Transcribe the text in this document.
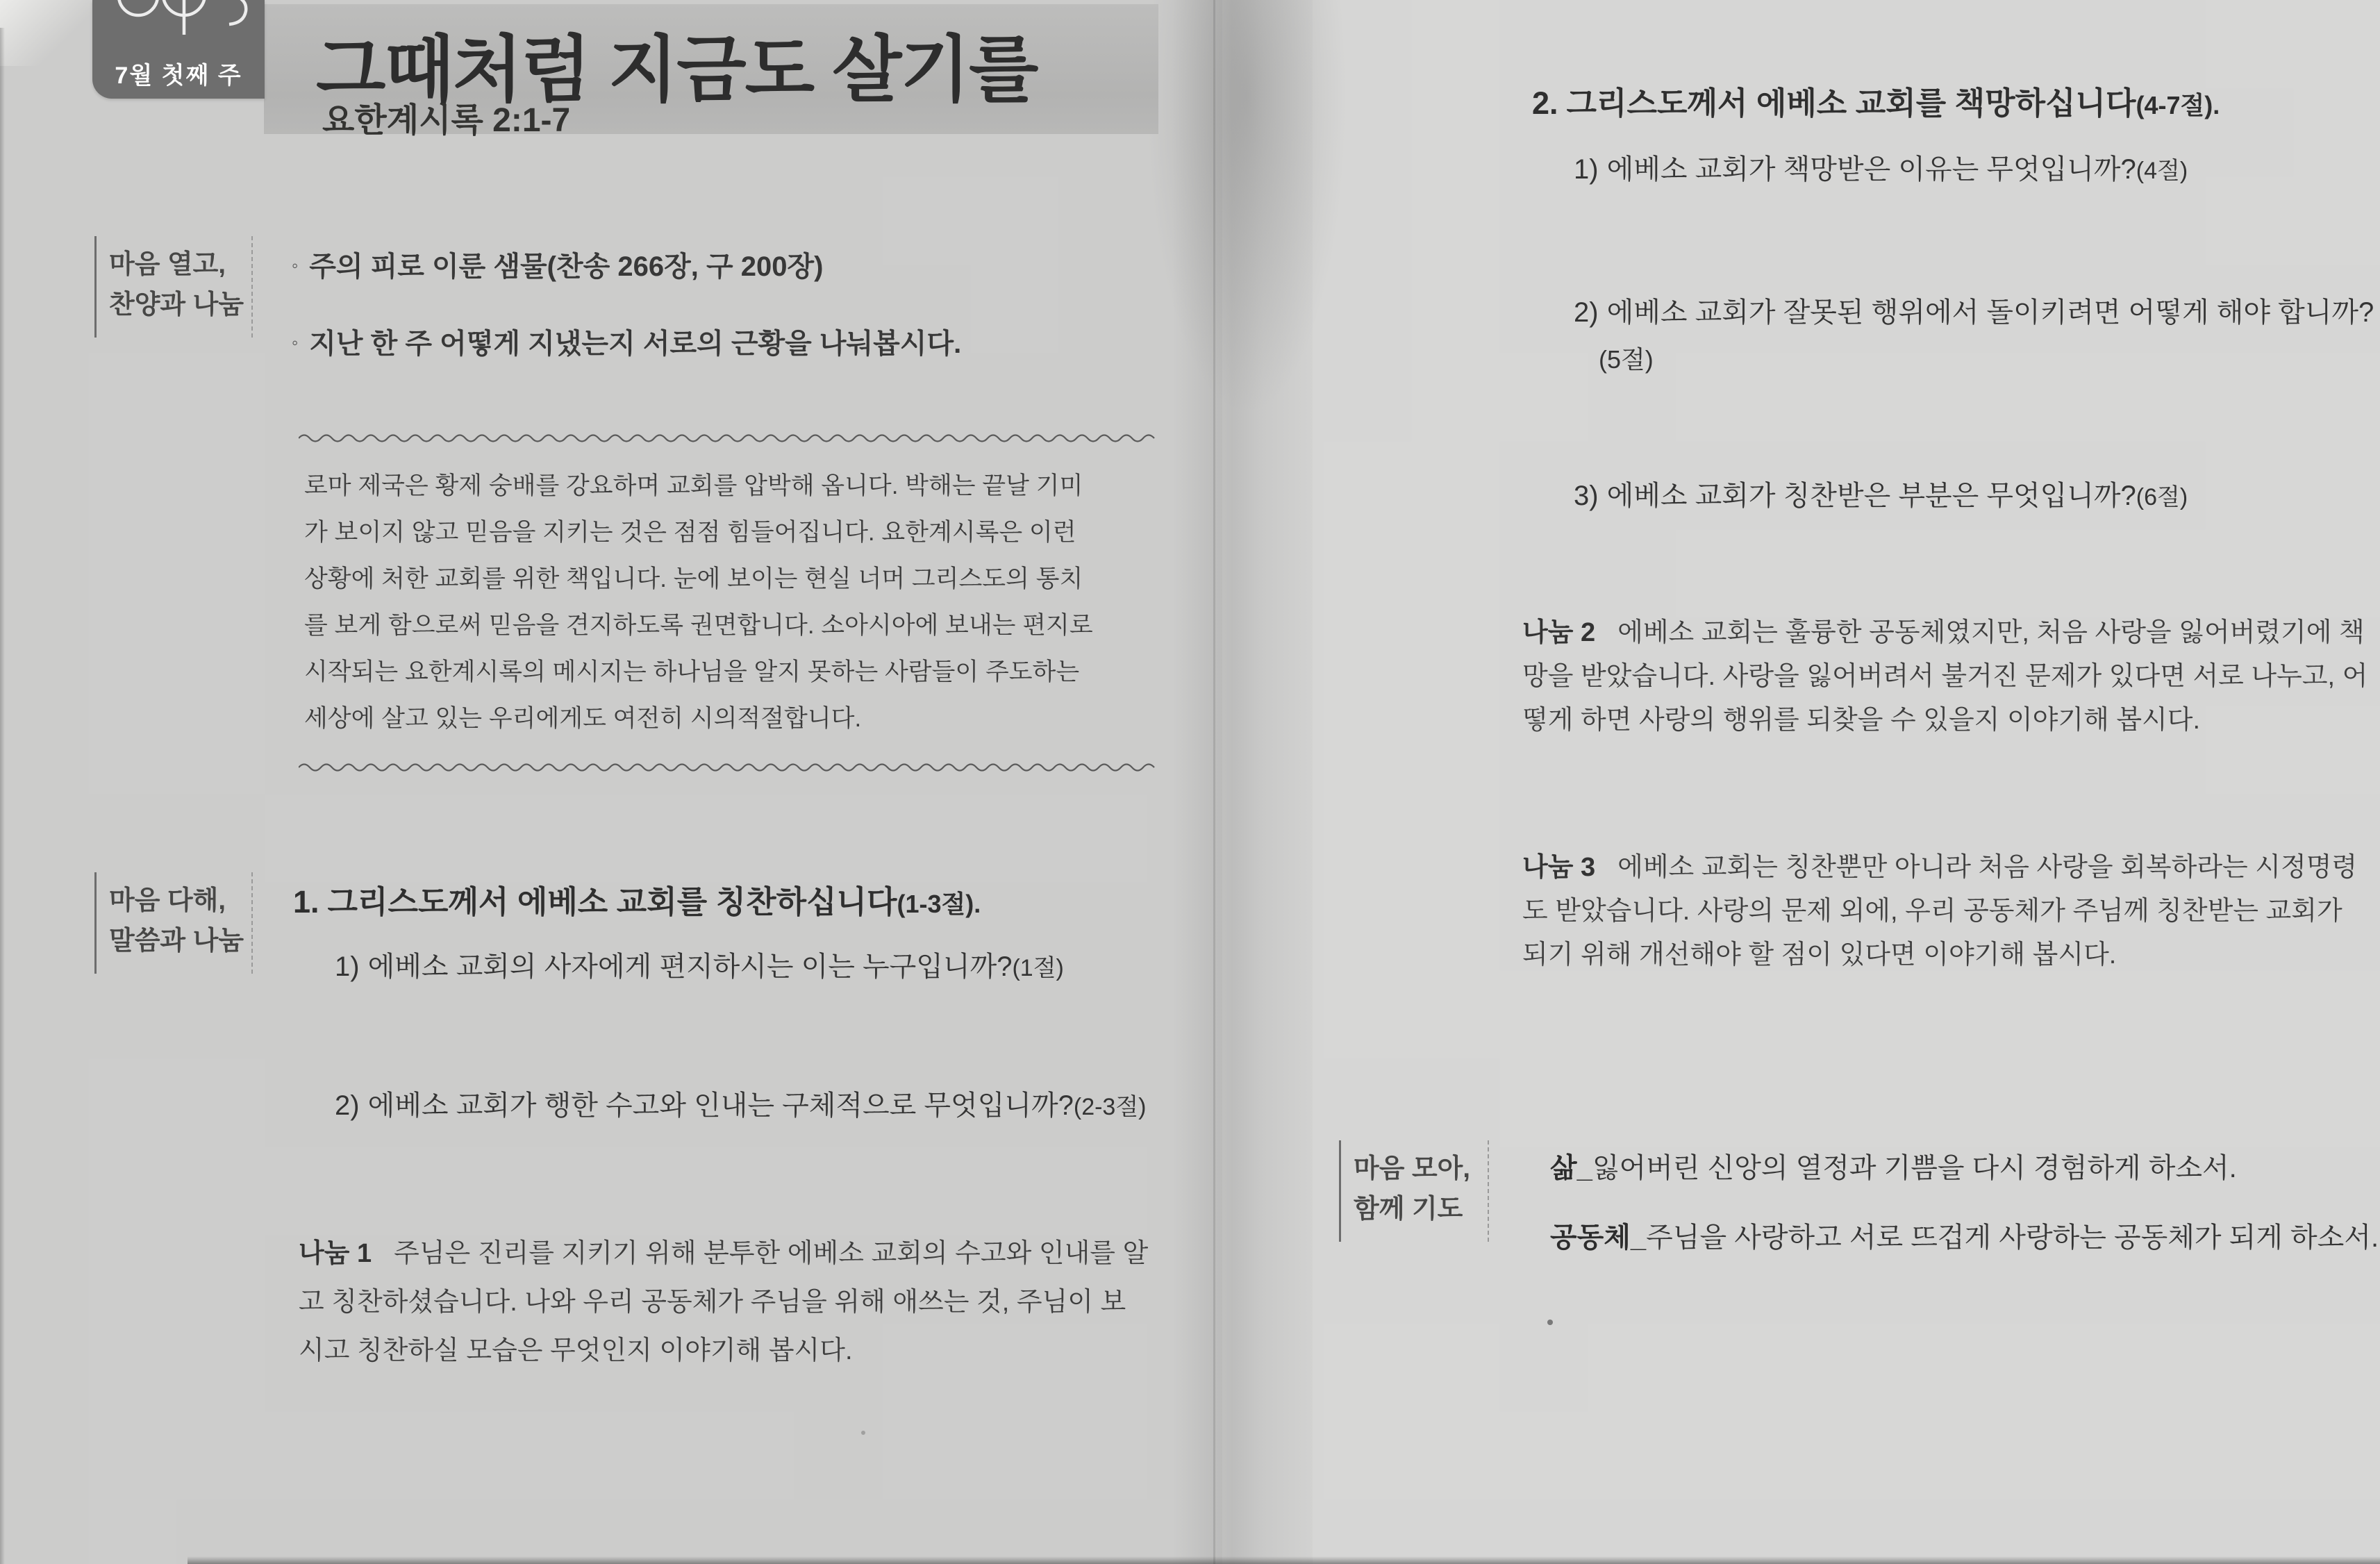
7월 첫째 주	그때처럼 지금도 살기를
요한계시록 2:1-7
마음 열고,
찬양과 나눔
◦ 주의 피로 이룬 샘물(찬송 266장, 구 200장)
◦ 지난 한 주 어떻게 지냈는지 서로의 근황을 나눠봅시다.
로마 제국은 황제 숭배를 강요하며 교회를 압박해 옵니다. 박해는 끝날 기미
가 보이지 않고 믿음을 지키는 것은 점점 힘들어집니다. 요한계시록은 이런
상황에 처한 교회를 위한 책입니다. 눈에 보이는 현실 너머 그리스도의 통치
를 보게 함으로써 믿음을 견지하도록 권면합니다. 소아시아에 보내는 편지로
시작되는 요한계시록의 메시지는 하나님을 알지 못하는 사람들이 주도하는
세상에 살고 있는 우리에게도 여전히 시의적절합니다.
마음 다해,
말씀과 나눔
1. 그리스도께서 에베소 교회를 칭찬하십니다(1-3절).
1) 에베소 교회의 사자에게 편지하시는 이는 누구입니까?(1절)
2) 에베소 교회가 행한 수고와 인내는 구체적으로 무엇입니까?(2-3절)
나눔 1 주님은 진리를 지키기 위해 분투한 에베소 교회의 수고와 인내를 알
고 칭찬하셨습니다. 나와 우리 공동체가 주님을 위해 애쓰는 것, 주님이 보
시고 칭찬하실 모습은 무엇인지 이야기해 봅시다.
2. 그리스도께서 에베소 교회를 책망하십니다(4-7절).
1) 에베소 교회가 책망받은 이유는 무엇입니까?(4절)
2) 에베소 교회가 잘못된 행위에서 돌이키려면 어떻게 해야 합니까?
(5절)
3) 에베소 교회가 칭찬받은 부분은 무엇입니까?(6절)
나눔 2 에베소 교회는 훌륭한 공동체였지만, 처음 사랑을 잃어버렸기에 책
망을 받았습니다. 사랑을 잃어버려서 불거진 문제가 있다면 서로 나누고, 어
떻게 하면 사랑의 행위를 되찾을 수 있을지 이야기해 봅시다.
나눔 3 에베소 교회는 칭찬뿐만 아니라 처음 사랑을 회복하라는 시정명령
도 받았습니다. 사랑의 문제 외에, 우리 공동체가 주님께 칭찬받는 교회가
되기 위해 개선해야 할 점이 있다면 이야기해 봅시다.
마음 모아,
함께 기도
삶_잃어버린 신앙의 열정과 기쁨을 다시 경험하게 하소서.
공동체_주님을 사랑하고 서로 뜨겁게 사랑하는 공동체가 되게 하소서.
